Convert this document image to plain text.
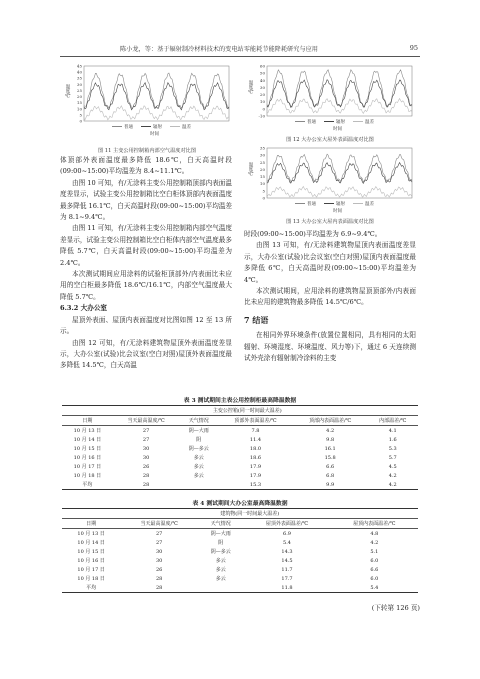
陈小龙，等：基于辐射制冷材料技术的变电站零能耗节能降耗研究与应用	95
45
40
35
30
25
20
15
10
5
0
温度/℃
普通	辐射	温差
时间
图 11 主变公用控制箱内部空气温度对比图
60
50
40
30
20
10
0
-10
温度/℃
普通	辐射	温差
时间
图 12 大办公室大屋外表面温度对比图
35
30
25
20
15
10
5
0
温度/℃
普通	辐射	温差
时间
图 13 大办公室大屋内表面温度对比图

体顶部外表面温度最多降低 18.6℃，白天高温时段(09:00~15:00)平均温差为 8.4~11.1℃。

由图 10 可知，有/无涂料主变公用控制箱顶部内表面温度差显示，试验主变公用控制箱比空白柜体顶部内表面温度最多降低 16.1℃，白天高温时段(09:00~15:00)平均温差为 8.1~9.4℃。

由图 11 可知，有/无涂料主变公用控制箱内部空气温度差显示，试验主变公用控制箱比空白柜体内部空气温度最多降低 5.7℃，白天高温时段(09:00~15:00)平均温差为 2.4℃。

本次测试期间应用涂料的试验柜顶部外/内表面比未应用的空白柜最多降低 18.6℃/16.1℃，内部空气温度最大降低 5.7℃。

6.3.2 大办公室

屋顶外表面、屋顶内表面温度对比图如图 12 至 13 所示。

由图 12 可知，有/无涂料建筑物屋顶外表面温度差显示，大办公室(试验)比会议室(空白对照)屋顶外表面温度最多降低 14.5℃，白天高温

时段(09:00~15:00)平均温差为 6.9~9.4℃。

由图 13 可知，有/无涂料建筑物屋顶内表面温度差显示，大办公室(试验)比会议室(空白对照)屋顶内表面温度最多降低 6℃，白天高温时段(09:00~15:00)平均温差为 4℃。

本次测试期间，应用涂料的建筑物屋顶顶部外/内表面比未应用的建筑物最多降低 14.5℃/6℃。

7 结语

在相同外界环境条件(放置位置相同，具有相同的太阳辐射、环境湿度、环境温度、风力等)下，通过 6 天连续测试外壳涂有辐射制冷涂料的主变

表 3 测试期间主表公用控制柜最高降温数据
	主变公控箱(同一时间最大温差)				
日期	当天最高温度/℃	天气情况	顶部外表面温差/℃	顶部内表面温差/℃	内部温差/℃
10 月 13 日	27	阴—大雨	7.8	4.2	4.1
10 月 14 日	27	阴	11.4	9.8	1.6
10 月 15 日	30	阴—多云	18.0	16.1	5.3
10 月 16 日	30	多云	18.6	15.8	5.7
10 月 17 日	26	多云	17.9	6.6	4.5
10 月 18 日	28	多云	17.9	6.8	4.2
平均	28		15.3	9.9	4.2
表 4 测试期间大办公室最高降温数据
	建筑物(同一时间最大温差)			
日期	当天最高温度/℃	天气情况	屋顶外表面温差/℃	屋顶内表面温差/℃
10 月 13 日	27	阴—大雨	6.9	4.8
10 月 14 日	27	阴	5.4	4.2
10 月 15 日	30	阴—多云	14.3	5.1
10 月 16 日	30	多云	14.5	6.0
10 月 17 日	26	多云	11.7	6.6
10 月 18 日	28	多云	17.7	6.0
平均	28		11.8	5.4
(下转第 126 页)
